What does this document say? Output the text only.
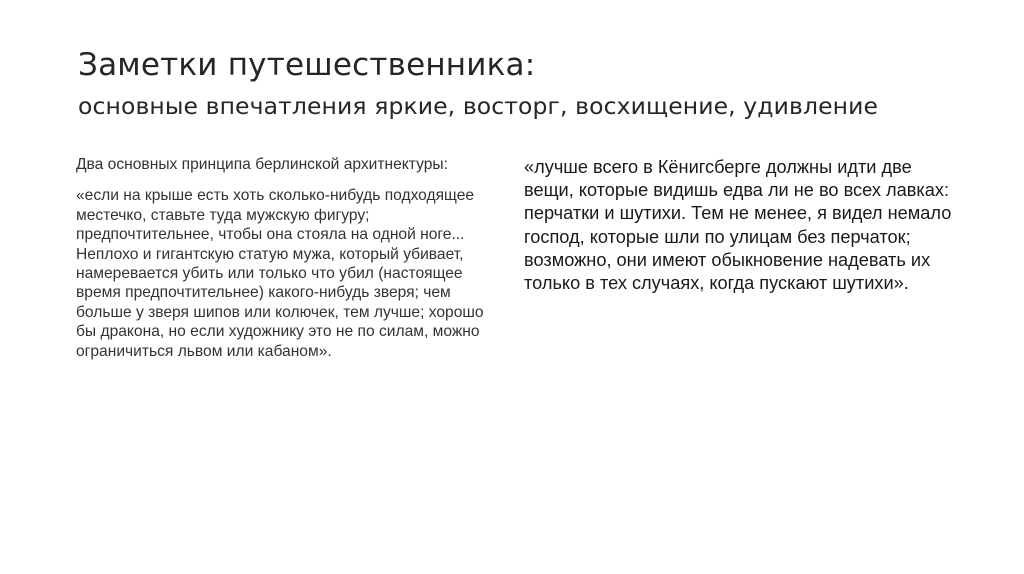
Заметки путешественника:
основные впечатления яркие, восторг, восхищение, удивление

Два основных принципа берлинской архитнектуры:

«если на крыше есть хоть сколько-нибудь подходящее местечко, ставьте туда мужскую фигуру; предпочтительнее, чтобы она стояла на одной ноге... Неплохо и гигантскую статую мужа, который убивает, намеревается убить или только что убил (настоящее время предпочтительнее) какого-нибудь зверя; чем больше у зверя шипов или колючек, тем лучше; хорошо бы дракона, но если художнику это не по силам, можно ограничиться львом или кабаном».

«лучше всего в Кёнигсберге должны идти две вещи, которые видишь едва ли не во всех лавках: перчатки и шутихи. Тем не менее, я видел немало господ, которые шли по улицам без перчаток; возможно, они имеют обыкновение надевать их только в тех случаях, когда пускают шутихи».
